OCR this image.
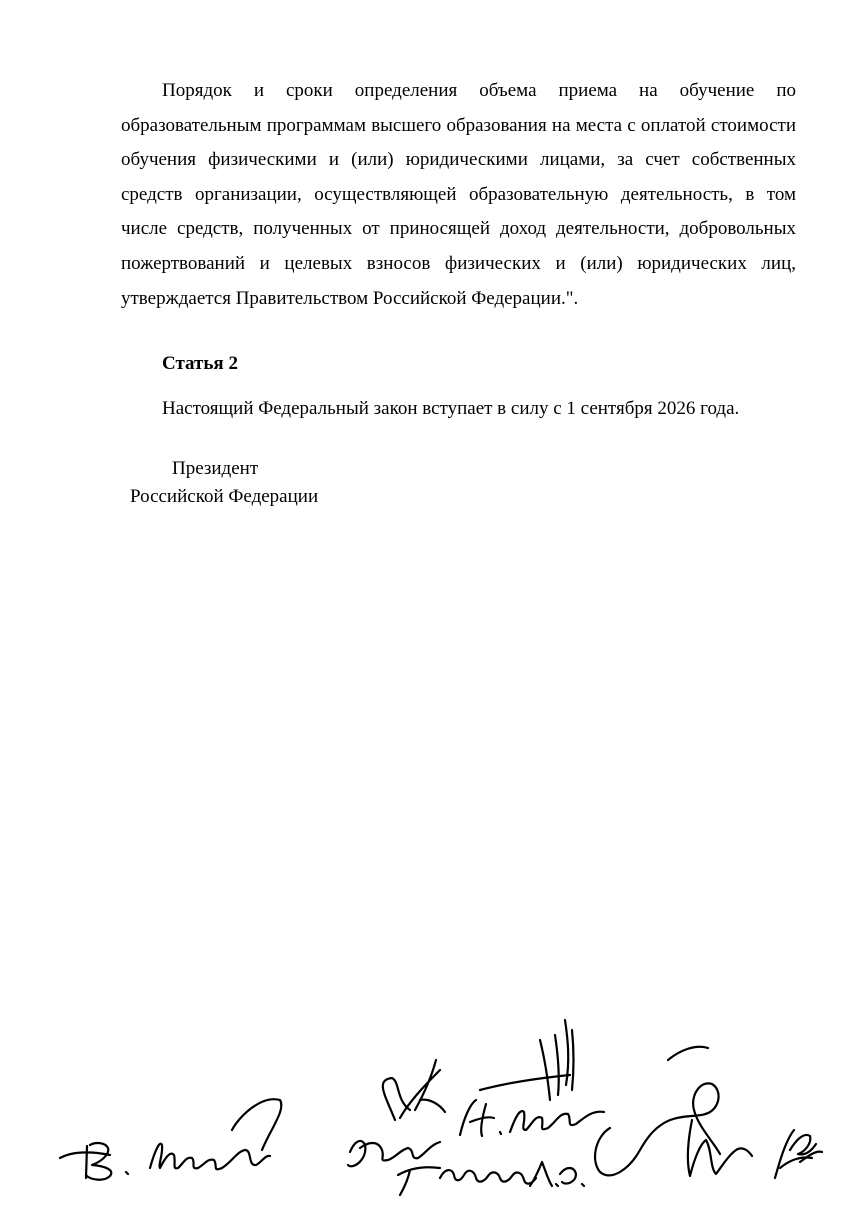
Порядок и сроки определения объема приема на обучение по образовательным программам высшего образования на места с оплатой стоимости обучения физическими и (или) юридическими лицами, за счет собственных средств организации, осуществляющей образовательную деятельность, в том числе средств, полученных от приносящей доход деятельности, добровольных пожертвований и целевых взносов физических и (или) юридических лиц, утверждается Правительством Российской Федерации.".

Статья 2

Настоящий Федеральный закон вступает в силу с 1 сентября 2026 года.

Президент
Российской Федерации
